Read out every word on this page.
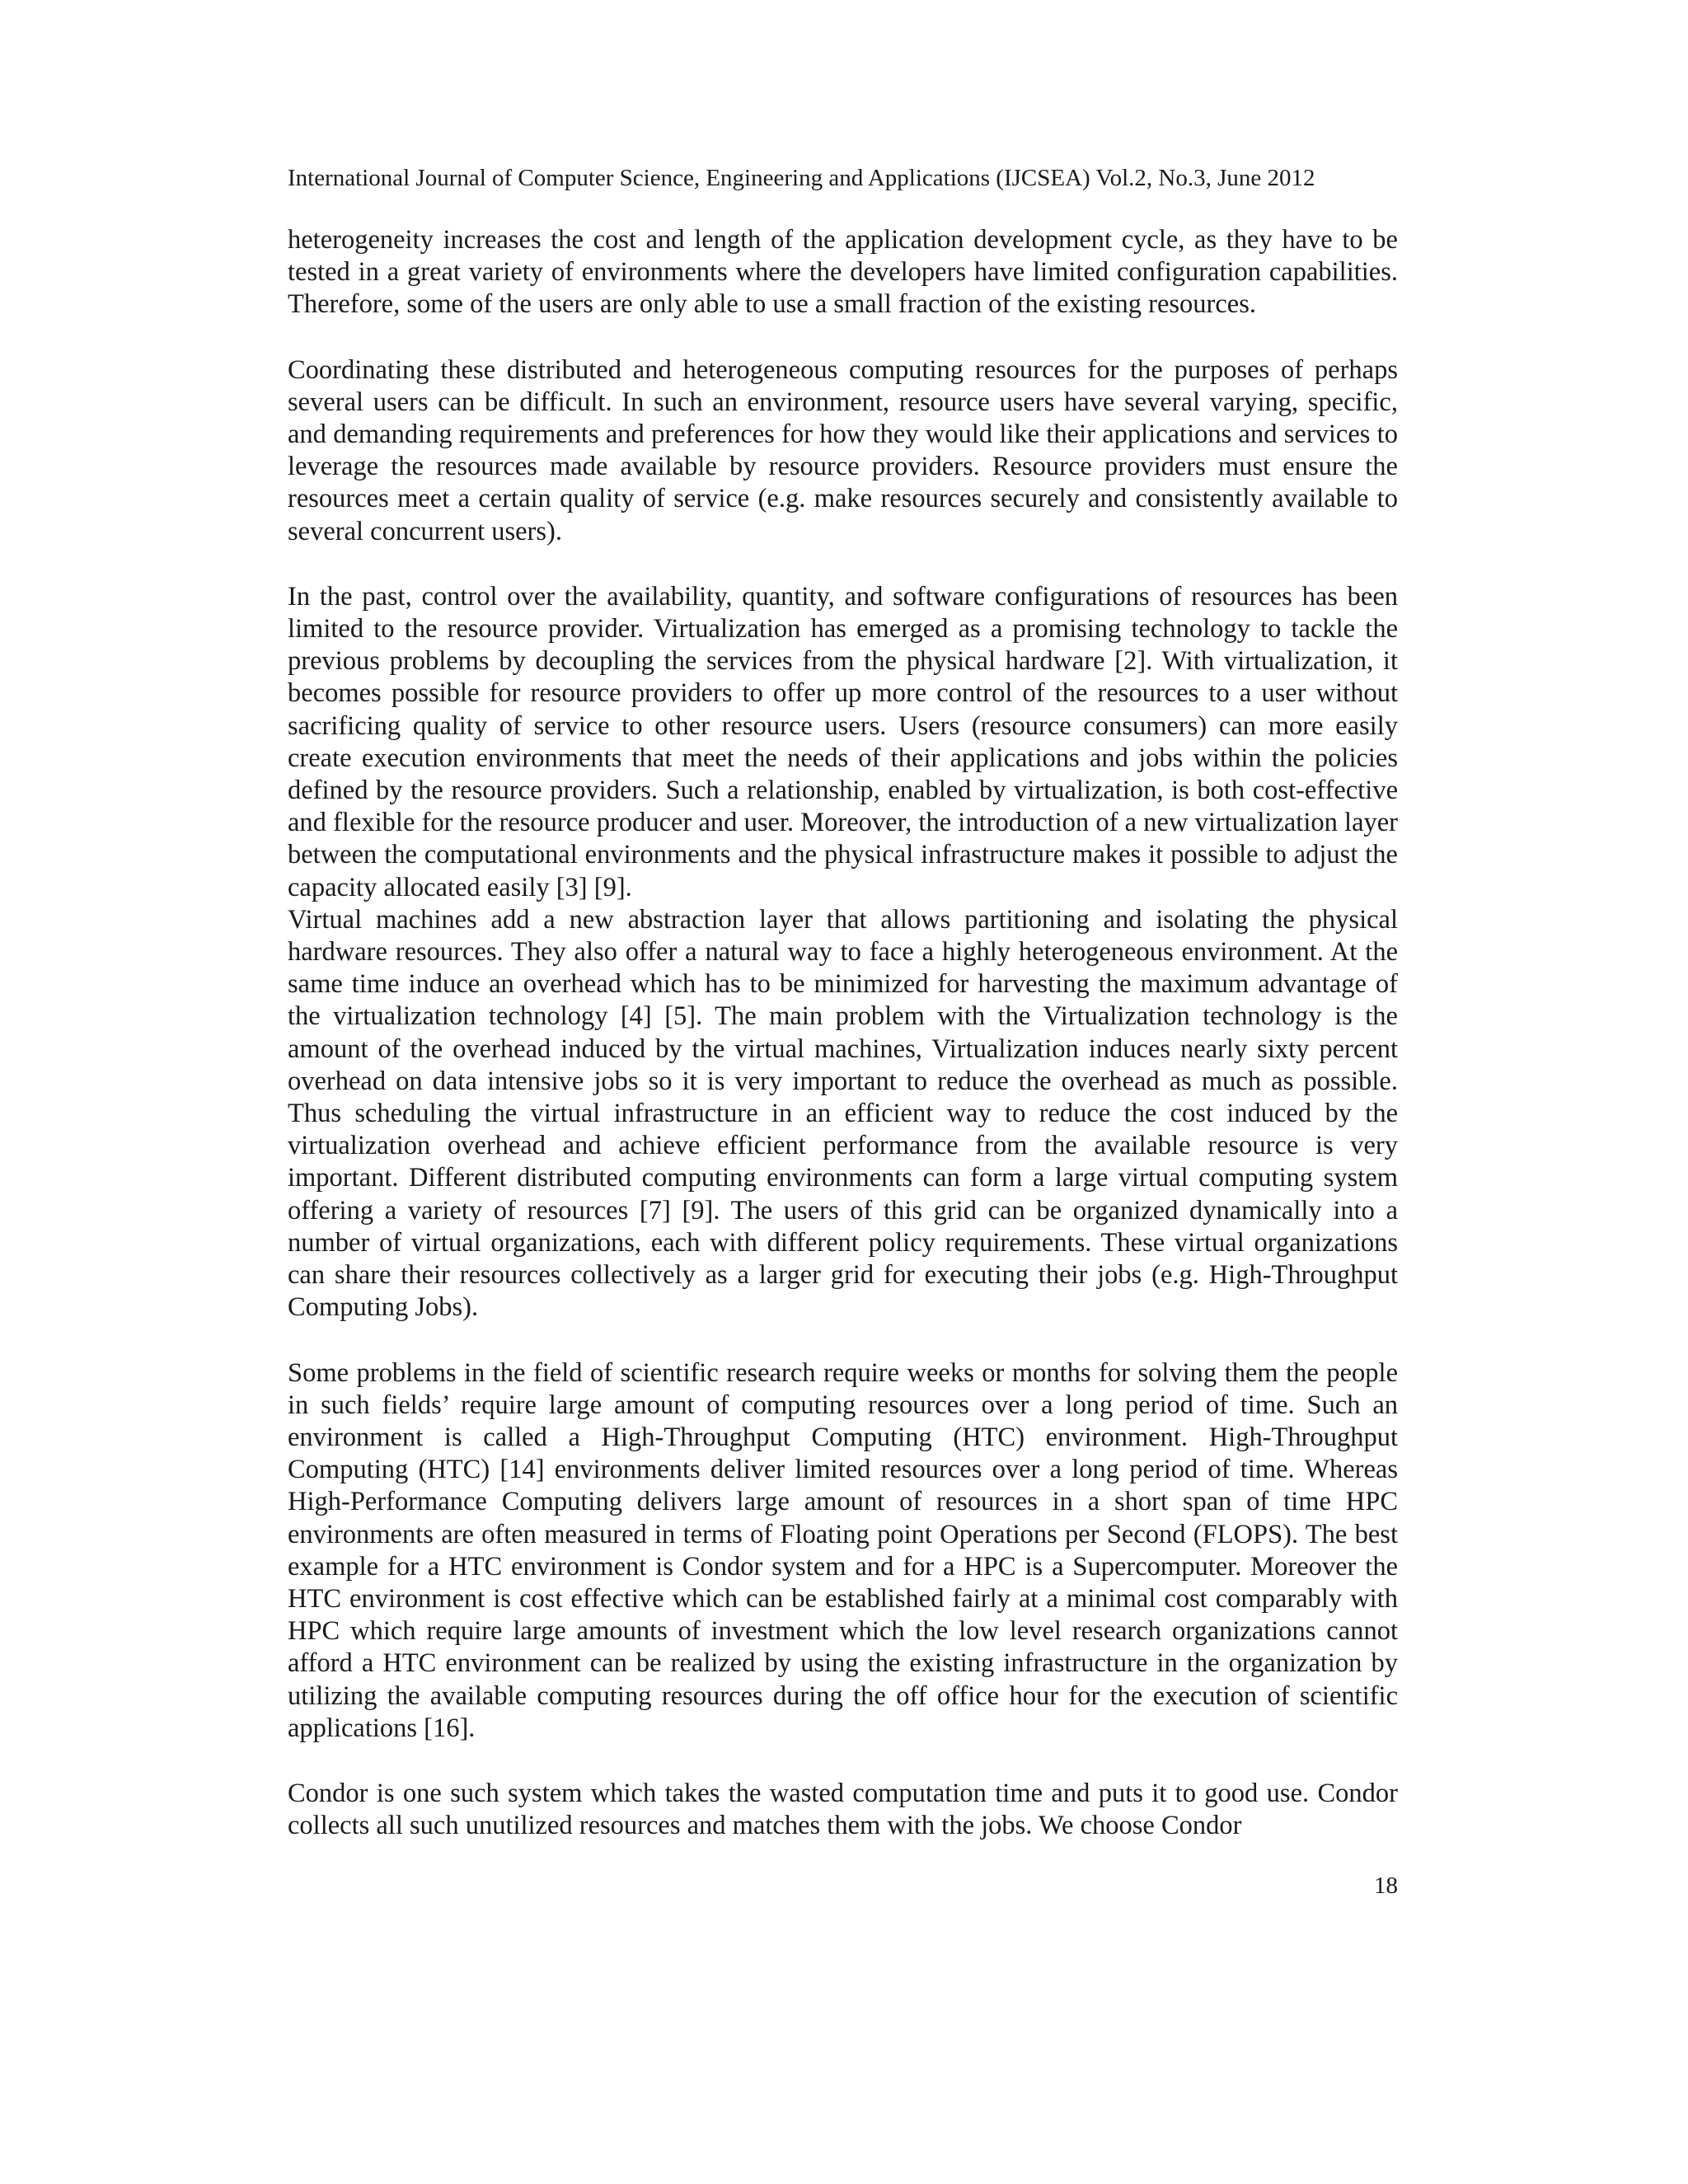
International Journal of Computer Science, Engineering and Applications (IJCSEA) Vol.2, No.3, June 2012

heterogeneity increases the cost and length of the application development cycle, as they have to be tested in a great variety of environments where the developers have limited configuration capabilities. Therefore, some of the users are only able to use a small fraction of the existing resources.

Coordinating these distributed and heterogeneous computing resources for the purposes of perhaps several users can be difficult. In such an environment, resource users have several varying, specific, and demanding requirements and preferences for how they would like their applications and services to leverage the resources made available by resource providers. Resource providers must ensure the resources meet a certain quality of service (e.g. make resources securely and consistently available to several concurrent users).

In the past, control over the availability, quantity, and software configurations of resources has been limited to the resource provider. Virtualization has emerged as a promising technology to tackle the previous problems by decoupling the services from the physical hardware [2]. With virtualization, it becomes possible for resource providers to offer up more control of the resources to a user without sacrificing quality of service to other resource users. Users (resource consumers) can more easily create execution environments that meet the needs of their applications and jobs within the policies defined by the resource providers. Such a relationship, enabled by virtualization, is both cost-effective and flexible for the resource producer and user. Moreover, the introduction of a new virtualization layer between the computational environments and the physical infrastructure makes it possible to adjust the capacity allocated easily [3] [9].

Virtual machines add a new abstraction layer that allows partitioning and isolating the physical hardware resources. They also offer a natural way to face a highly heterogeneous environment. At the same time induce an overhead which has to be minimized for harvesting the maximum advantage of the virtualization technology [4] [5]. The main problem with the Virtualization technology is the amount of the overhead induced by the virtual machines, Virtualization induces nearly sixty percent overhead on data intensive jobs so it is very important to reduce the overhead as much as possible. Thus scheduling the virtual infrastructure in an efficient way to reduce the cost induced by the virtualization overhead and achieve efficient performance from the available resource is very important. Different distributed computing environments can form a large virtual computing system offering a variety of resources [7] [9]. The users of this grid can be organized dynamically into a number of virtual organizations, each with different policy requirements. These virtual organizations can share their resources collectively as a larger grid for executing their jobs (e.g. High-Throughput Computing Jobs).

Some problems in the field of scientific research require weeks or months for solving them the people in such fields’ require large amount of computing resources over a long period of time. Such an environment is called a High-Throughput Computing (HTC) environment. High-Throughput Computing (HTC) [14] environments deliver limited resources over a long period of time. Whereas High-Performance Computing delivers large amount of resources in a short span of time HPC environments are often measured in terms of Floating point Operations per Second (FLOPS). The best example for a HTC environment is Condor system and for a HPC is a Supercomputer. Moreover the HTC environment is cost effective which can be established fairly at a minimal cost comparably with HPC which require large amounts of investment which the low level research organizations cannot afford a HTC environment can be realized by using the existing infrastructure in the organization by utilizing the available computing resources during the off office hour for the execution of scientific applications [16].

Condor is one such system which takes the wasted computation time and puts it to good use. Condor collects all such unutilized resources and matches them with the jobs. We choose Condor

18
